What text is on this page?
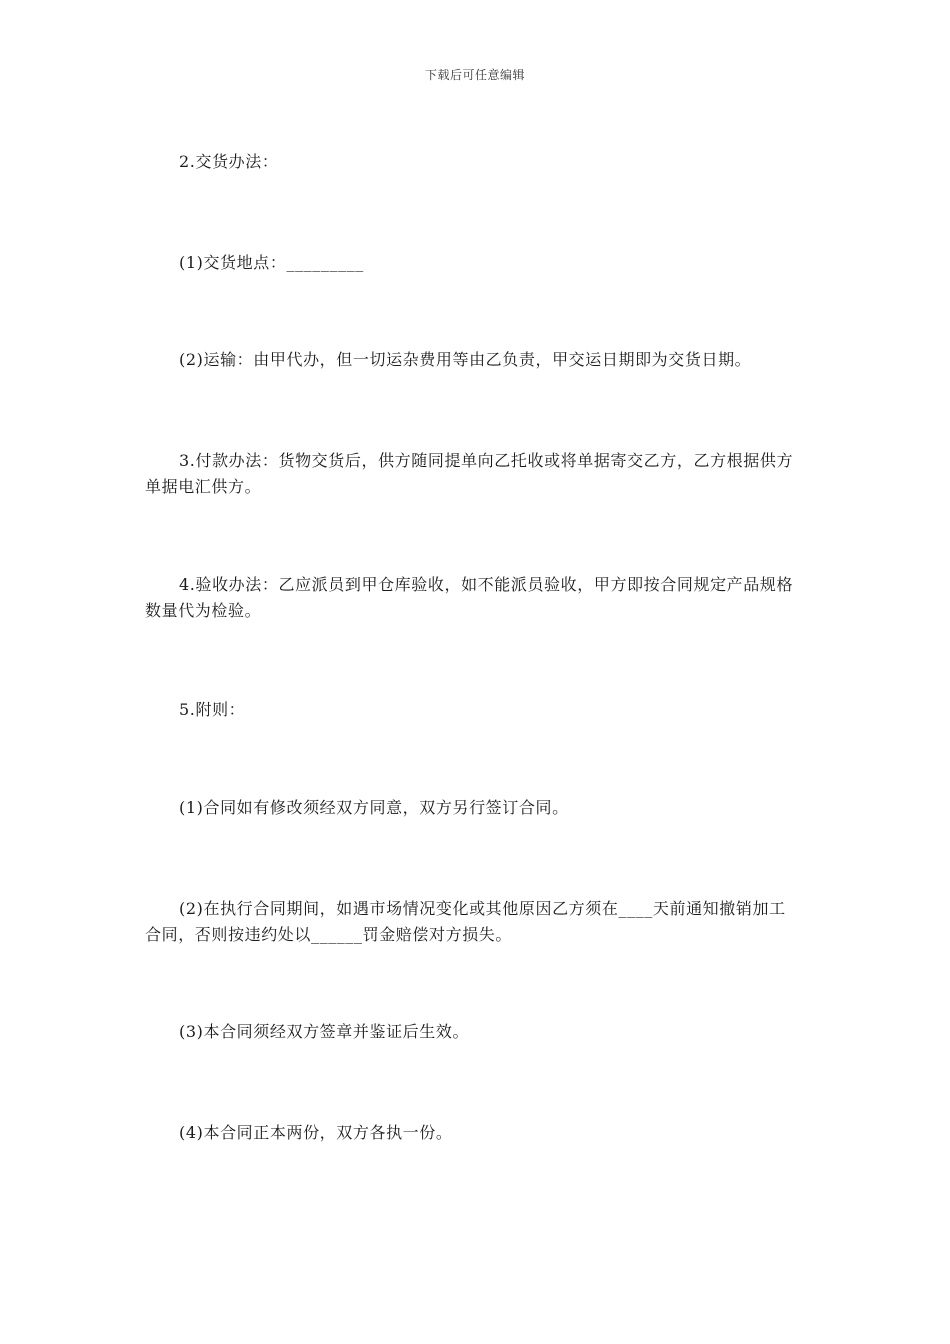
下载后可任意编辑
2.交货办法：
(1)交货地点：_________
(2)运输：由甲代办，但一切运杂费用等由乙负责，甲交运日期即为交货日期。
3.付款办法：货物交货后，供方随同提单向乙托收或将单据寄交乙方，乙方根据供方单据电汇供方。
4.验收办法：乙应派员到甲仓库验收，如不能派员验收，甲方即按合同规定产品规格数量代为检验。
5.附则：
(1)合同如有修改须经双方同意，双方另行签订合同。
(2)在执行合同期间，如遇市场情况变化或其他原因乙方须在____天前通知撤销加工合同，否则按违约处以______罚金赔偿对方损失。
(3)本合同须经双方签章并鉴证后生效。
(4)本合同正本两份，双方各执一份。
